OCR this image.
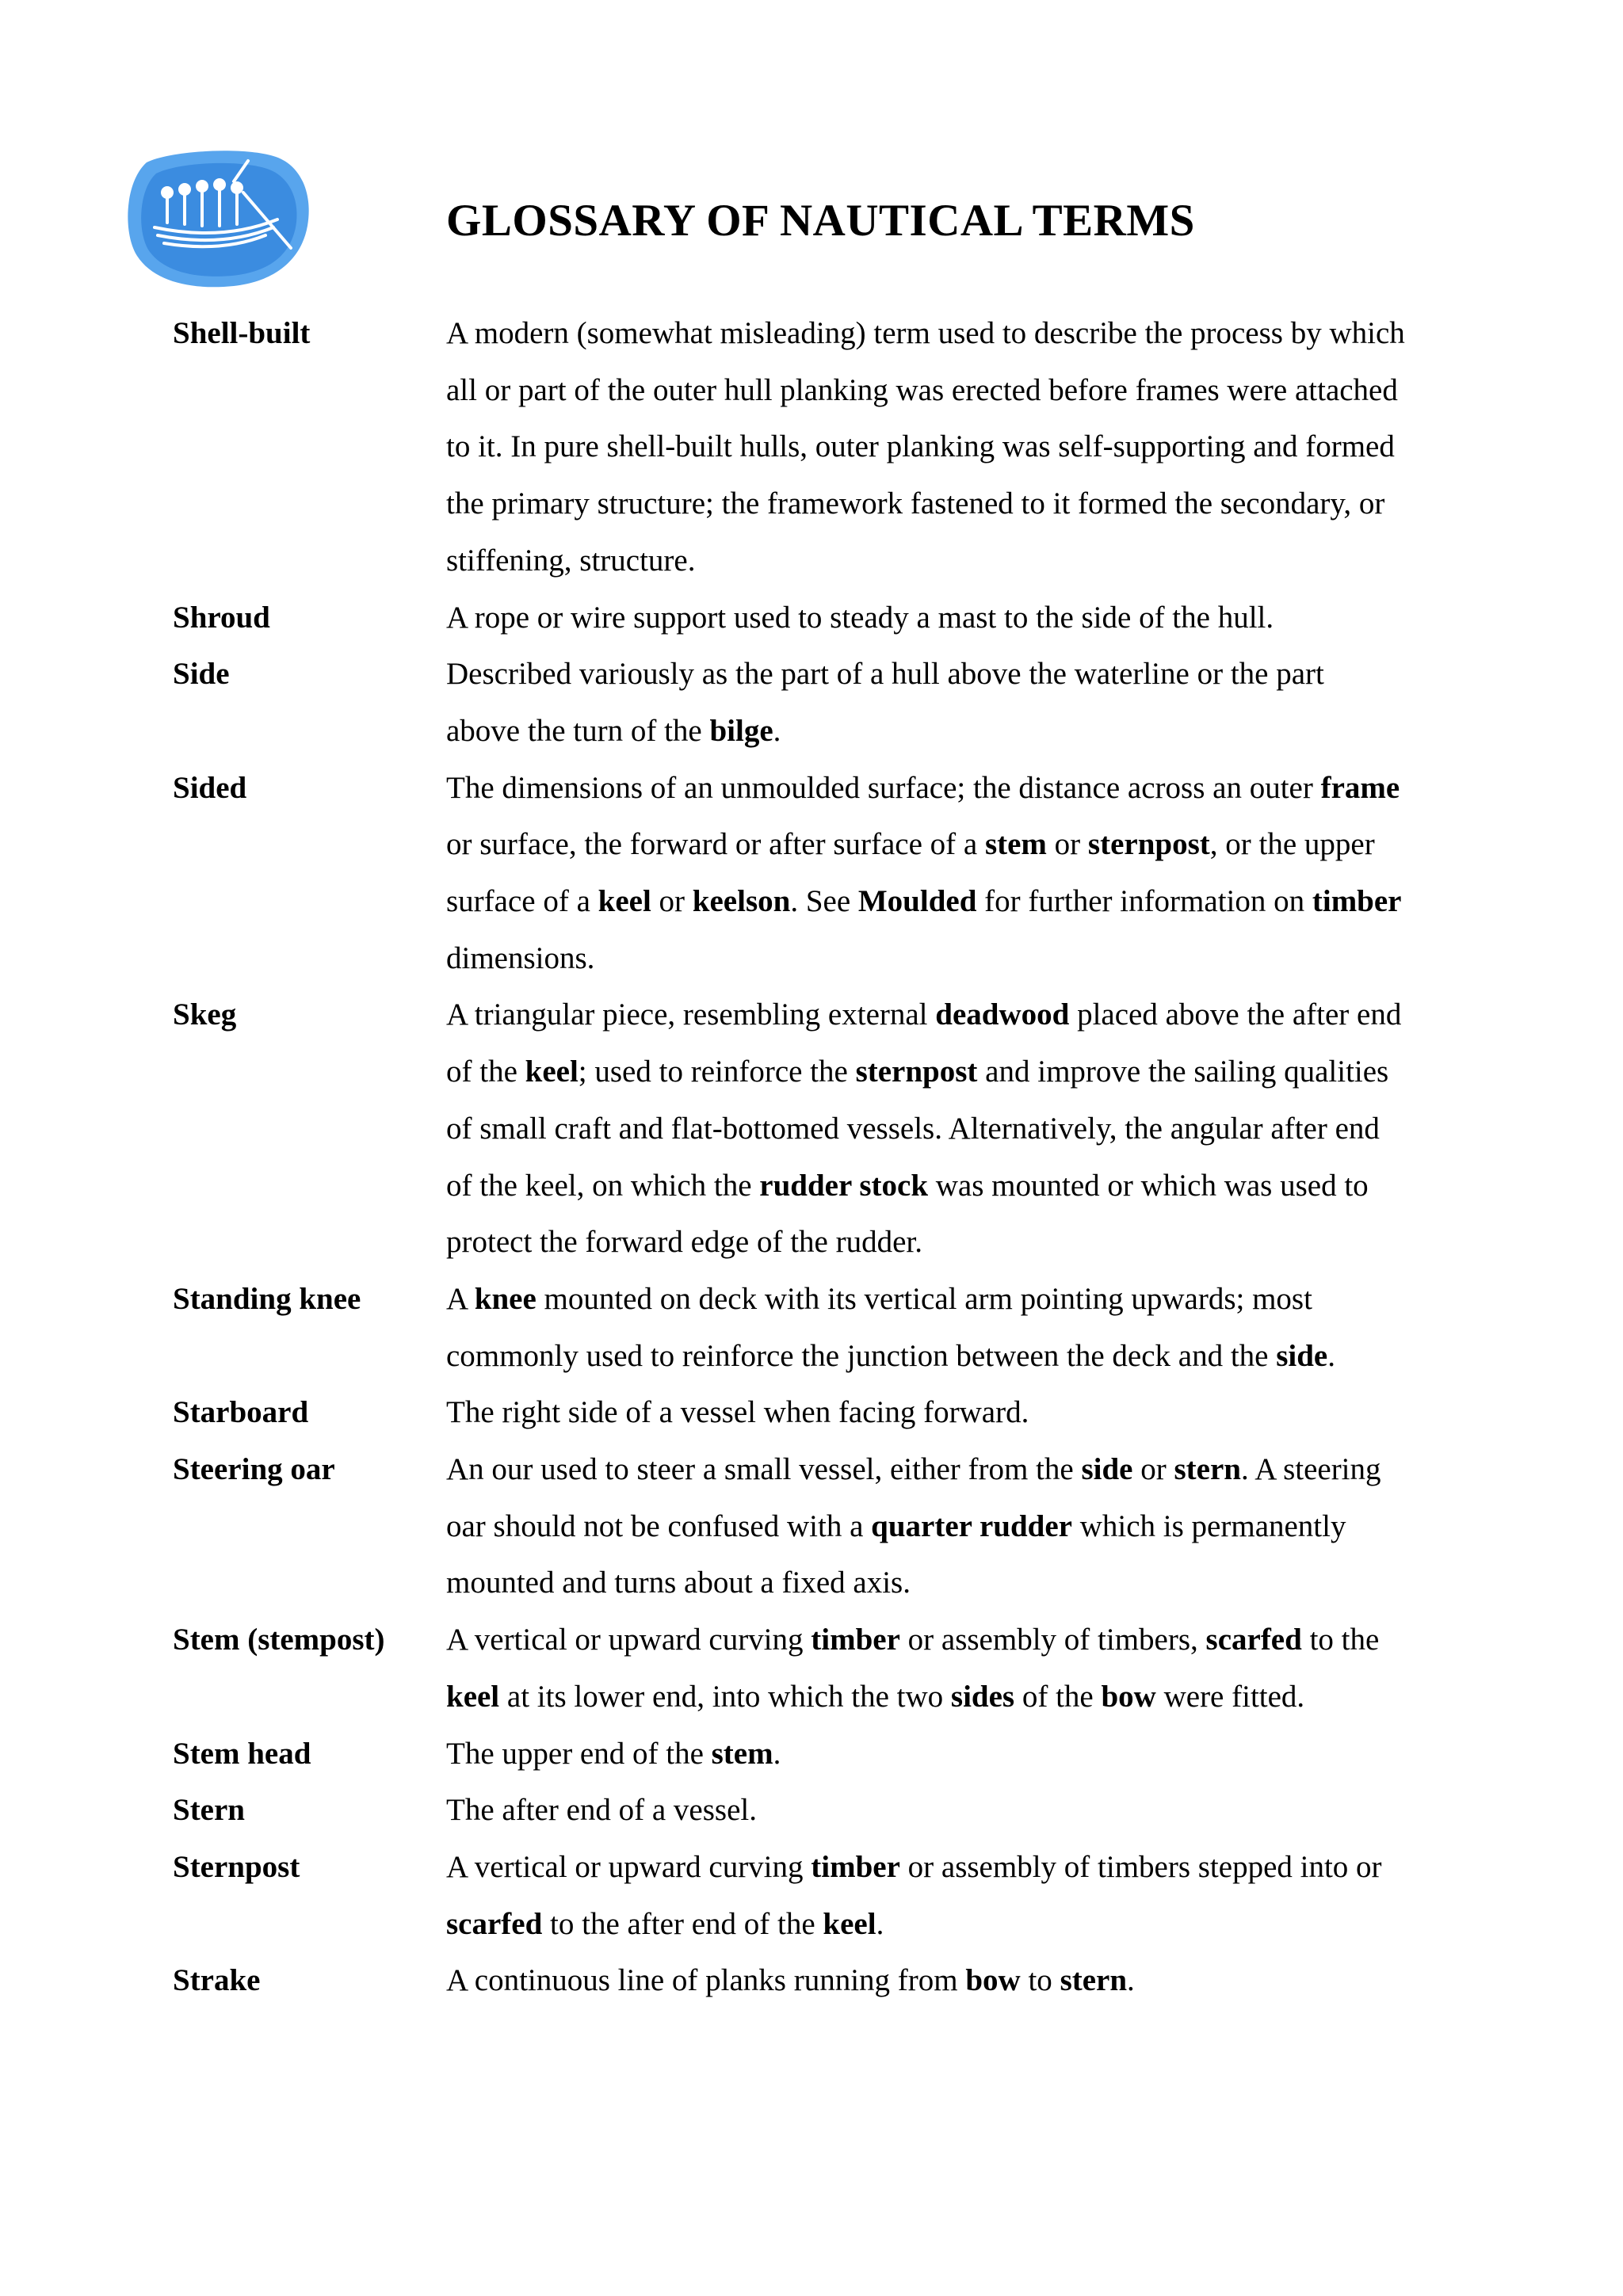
GLOSSARY OF NAUTICAL TERMS
Shell-built	A modern (somewhat misleading) term used to describe the process by which all or part of the outer hull planking was erected before frames were attached to it. In pure shell-built hulls, outer planking was self-supporting and formed the primary structure; the framework fastened to it formed the secondary, or stiffening, structure.
Shroud	A rope or wire support used to steady a mast to the side of the hull.
Side	Described variously as the part of a hull above the waterline or the part above the turn of the bilge.
Sided	The dimensions of an unmoulded surface; the distance across an outer frame or surface, the forward or after surface of a stem or sternpost, or the upper surface of a keel or keelson. See Moulded for further information on timber dimensions.
Skeg	A triangular piece, resembling external deadwood placed above the after end of the keel; used to reinforce the sternpost and improve the sailing qualities of small craft and flat-bottomed vessels. Alternatively, the angular after end of the keel, on which the rudder stock was mounted or which was used to protect the forward edge of the rudder.
Standing knee	A knee mounted on deck with its vertical arm pointing upwards; most commonly used to reinforce the junction between the deck and the side.
Starboard	The right side of a vessel when facing forward.
Steering oar	An our used to steer a small vessel, either from the side or stern. A steering oar should not be confused with a quarter rudder which is permanently mounted and turns about a fixed axis.
Stem (stempost)	A vertical or upward curving timber or assembly of timbers, scarfed to the keel at its lower end, into which the two sides of the bow were fitted.
Stem head	The upper end of the stem.
Stern	The after end of a vessel.
Sternpost	A vertical or upward curving timber or assembly of timbers stepped into or scarfed to the after end of the keel.
Strake	A continuous line of planks running from bow to stern.
